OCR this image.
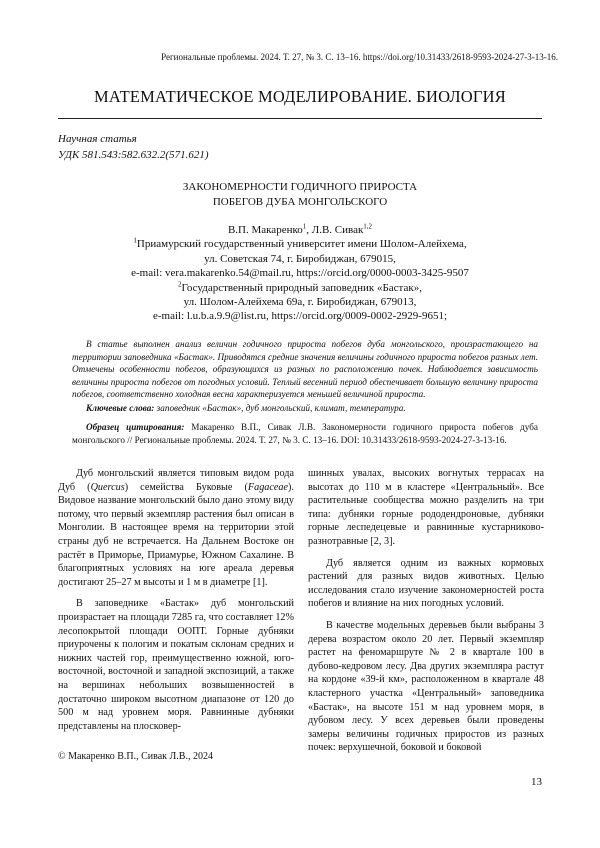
Региональные проблемы. 2024. Т. 27, № 3. С. 13–16. https://doi.org/10.31433/2618-9593-2024-27-3-13-16.
МАТЕМАТИЧЕСКОЕ МОДЕЛИРОВАНИЕ. БИОЛОГИЯ
Научная статья
УДК 581.543:582.632.2(571.621)
ЗАКОНОМЕРНОСТИ ГОДИЧНОГО ПРИРОСТА
ПОБЕГОВ ДУБА МОНГОЛЬСКОГО
В.П. Макаренко$^1$, Л.В. Сивак$^{1,2}$
$^1$Приамурский государственный университет имени Шолом-Алейхема,
ул. Советская 74, г. Биробиджан, 679015,
e-mail: vera.makarenko.54@mail.ru, https://orcid.org/0000-0003-3425-9507
$^2$Государственный природный заповедник «Бастак»,
ул. Шолом-Алейхема 69а, г. Биробиджан, 679013,
e-mail: l.u.b.a.9.9@list.ru, https://orcid.org/0009-0002-2929-9651;
В статье выполнен анализ величин годичного прироста побегов дуба монгольского, произрастающего на территории заповедника «Бастак». Приводятся средние значения величины годичного прироста побегов разных лет. Отмечены особенности побегов, образующихся из разных по расположению почек. Наблюдается зависимость величины прироста побегов от погодных условий. Теплый весенний период обеспечивает большую величину прироста побегов, соответственно холодная весна характеризуется меньшей величиной прироста.
Ключевые слова: заповедник «Бастак», дуб монгольский, климат, температура.
Образец цитирования: Макаренко В.П., Сивак Л.В. Закономерности годичного прироста побегов дуба монгольского // Региональные проблемы. 2024. Т. 27, № 3. С. 13–16. DOI: 10.31433/2618-9593-2024-27-3-13-16.

Дуб монгольский является типовым видом рода Дуб (Quercus) семейства Буковые (Fagaceae). Видовое название монгольский было дано этому виду потому, что первый экземпляр растения был описан в Монголии. В настоящее время на территории этой страны дуб не встречается. На Дальнем Востоке он растёт в Приморье, Приамурье, Южном Сахалине. В благоприятных условиях на юге ареала деревья достигают 25–27 м высоты и 1 м в диаметре [1].

В заповеднике «Бастак» дуб монгольский произрастает на площади 7285 га, что составляет 12% лесопокрытой площади ООПТ. Горные дубняки приурочены к пологим и покатым склонам средних и нижних частей гор, преимущественно южной, юго-восточной, восточной и западной экспозиций, а также на вершинах небольших возвышенностей в достаточно широком высотном диапазоне от 120 до 500 м над уровнем моря. Равнинные дубняки представлены на плосковер-

шинных увалах, высоких вогнутых террасах на высотах до 110 м в кластере «Центральный». Все растительные сообщества можно разделить на три типа: дубняки горные рододендроновые, дубняки горные леспедецевые и равнинные кустарниково-разнотравные [2, 3].

Дуб является одним из важных кормовых растений для разных видов животных. Целью исследования стало изучение закономерностей роста побегов и влияние на них погодных условий.

В качестве модельных деревьев были выбраны 3 дерева возрастом около 20 лет. Первый экземпляр растет на феномаршруте № 2 в квартале 100 в дубово-кедровом лесу. Два других экземпляра растут на кордоне «39-й км», расположенном в квартале 48 кластерного участка «Центральный» заповедника «Бастак», на высоте 151 м над уровнем моря, в дубовом лесу. У всех деревьев были проведены замеры величины годичных приростов из разных почек: верхушечной, боковой и боковой

© Макаренко В.П., Сивак Л.В., 2024
13
